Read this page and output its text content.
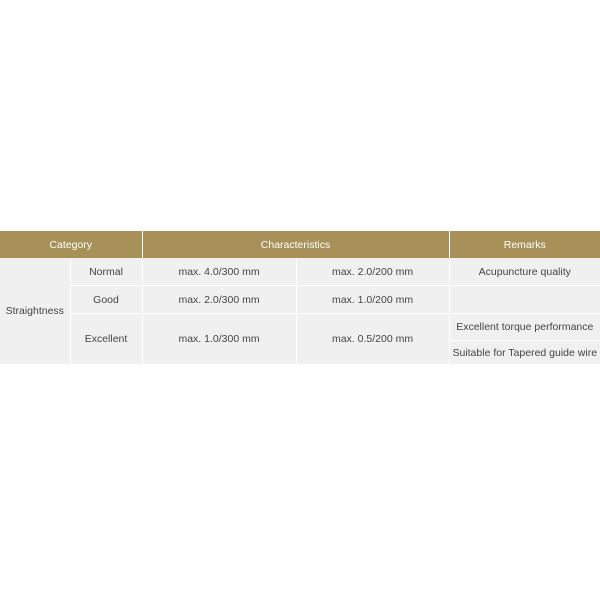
Category		Characteristics		Remarks
Straightness	Normal	max. 4.0/300 mm	max. 2.0/200 mm	Acupuncture quality
	Good	max. 2.0/300 mm	max. 1.0/200 mm	
	Excellent	max. 1.0/300 mm	max. 0.5/200 mm	Excellent torque performance
				Suitable for Tapered guide wire
